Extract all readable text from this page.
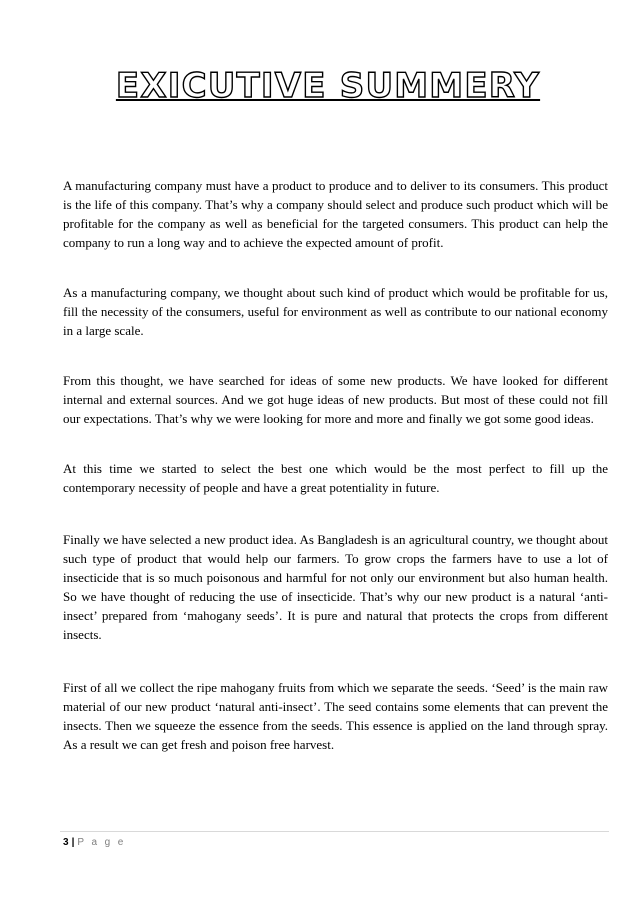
EXICUTIVE SUMMERY

A manufacturing company must have a product to produce and to deliver to its consumers. This product is the life of this company. That’s why a company should select and produce such product which will be profitable for the company as well as beneficial for the targeted consumers. This product can help the company to run a long way and to achieve the expected amount of profit.

As a manufacturing company, we thought about such kind of product which would be profitable for us, fill the necessity of the consumers, useful for environment as well as contribute to our national economy in a large scale.

From this thought, we have searched for ideas of some new products. We have looked for different internal and external sources. And we got huge ideas of new products. But most of these could not fill our expectations. That’s why we were looking for more and more and finally we got some good ideas.

At this time we started to select the best one which would be the most perfect to fill up the contemporary necessity of people and have a great potentiality in future.

Finally we have selected a new product idea. As Bangladesh is an agricultural country, we thought about such type of product that would help our farmers. To grow crops the farmers have to use a lot of insecticide that is so much poisonous and harmful for not only our environment but also human health. So we have thought of reducing the use of insecticide. That’s why our new product is a natural ‘anti-insect’ prepared from ‘mahogany seeds’. It is pure and natural that protects the crops from different insects.

First of all we collect the ripe mahogany fruits from which we separate the seeds. ‘Seed’ is the main raw material of our new product ‘natural anti-insect’. The seed contains some elements that can prevent the insects. Then we squeeze the essence from the seeds. This essence is applied on the land through spray. As a result we can get fresh and poison free harvest.

3 | P a g e
